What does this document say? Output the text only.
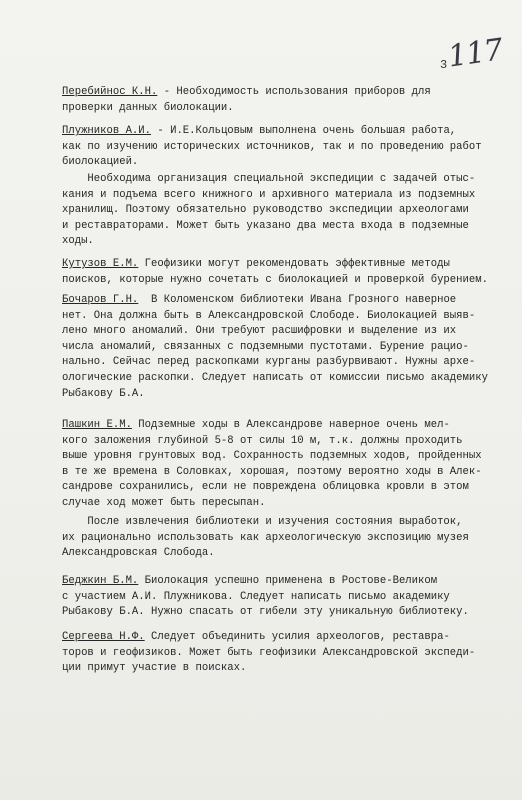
117
3

Перебийнос К.Н. - Необходимость использования приборов для
проверки данных биолокации.

Плужников А.И. - И.Е.Кольцовым выполнена очень большая работа,
как по изучению исторических источников, так и по проведению работ
биолокацией.

Необходима организация специальной экспедиции с задачей отыс-
кания и подъема всего книжного и архивного материала из подземных
хранилищ. Поэтому обязательно руководство экспедиции археологами
и реставраторами. Может быть указано два места входа в подземные
ходы.

Кутузов Е.М. Геофизики могут рекомендовать эффективные методы
поисков, которые нужно сочетать с биолокацией и проверкой бурением.

Бочаров Г.Н.  В Коломенском библиотеки Ивана Грозного наверное
нет. Она должна быть в Александровской Слободе. Биолокацией выяв-
лено много аномалий. Они требуют расшифровки и выделение из их
числа аномалий, связанных с подземными пустотами. Бурение рацио-
нально. Сейчас перед раскопками курганы разбурвивают. Нужны архе-
ологические раскопки. Следует написать от комиссии письмо академику
Рыбакову Б.А.

Пашкин Е.М. Подземные ходы в Александрове наверное очень мел-
кого заложения глубиной 5-8 от силы 10 м, т.к. должны проходить
выше уровня грунтовых вод. Сохранность подземных ходов, пройденных
в те же времена в Соловках, хорошая, поэтому вероятно ходы в Алек-
сандрове сохранились, если не повреждена облицовка кровли в этом
случае ход может быть пересыпан.

После извлечения библиотеки и изучения состояния выработок,
их рационально использовать как археологическую экспозицию музея
Александровская Слобода.

Беджкин Б.М. Биолокация успешно применена в Ростове-Великом
с участием А.И. Плужникова. Следует написать письмо академику
Рыбакову Б.А. Нужно спасать от гибели эту уникальную библиотеку.

Сергеева Н.Ф. Следует объединить усилия археологов, реставра-
торов и геофизиков. Может быть геофизики Александровской экспеди-
ции примут участие в поисках.
